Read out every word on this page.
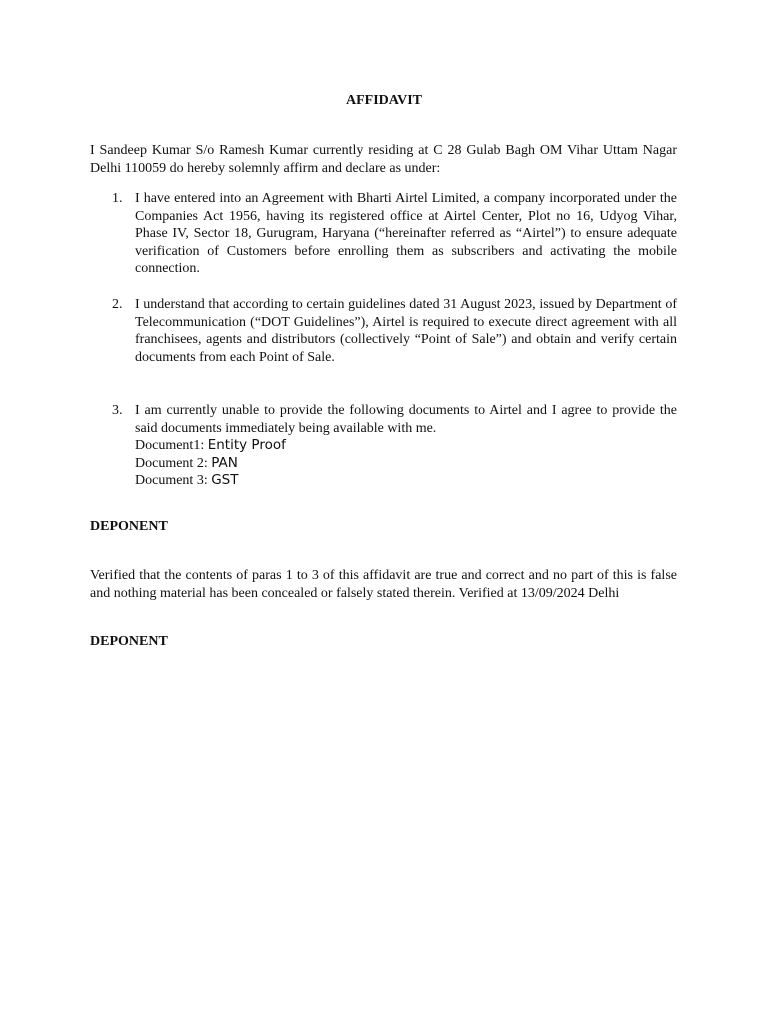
AFFIDAVIT
I Sandeep Kumar S/o Ramesh Kumar currently residing at C 28 Gulab Bagh OM Vihar Uttam Nagar Delhi 110059 do hereby solemnly affirm and declare as under:
1. I have entered into an Agreement with Bharti Airtel Limited, a company incorporated under the Companies Act 1956, having its registered office at Airtel Center, Plot no 16, Udyog Vihar, Phase IV, Sector 18, Gurugram, Haryana (“hereinafter referred as “Airtel”) to ensure adequate verification of Customers before enrolling them as subscribers and activating the mobile connection.
2. I understand that according to certain guidelines dated 31 August 2023, issued by Department of Telecommunication (“DOT Guidelines”), Airtel is required to execute direct agreement with all franchisees, agents and distributors (collectively “Point of Sale”) and obtain and verify certain documents from each Point of Sale.
3. I am currently unable to provide the following documents to Airtel and I agree to provide the said documents immediately being available with me.
Document1: Entity Proof
Document 2: PAN
Document 3: GST
DEPONENT
Verified that the contents of paras 1 to 3 of this affidavit are true and correct and no part of this is false and nothing material has been concealed or falsely stated therein. Verified at 13/09/2024 Delhi
DEPONENT
